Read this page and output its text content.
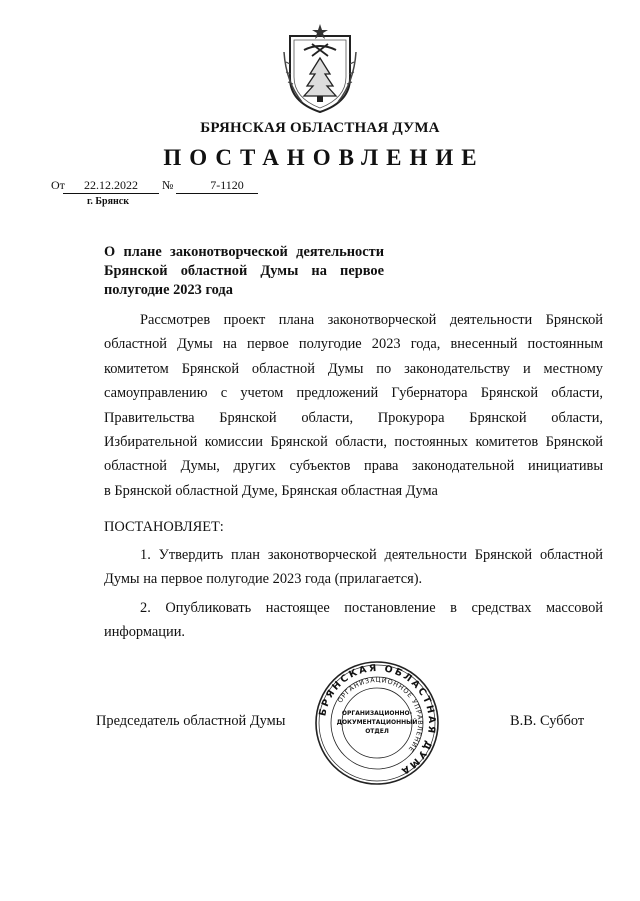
БРЯНСКАЯ ОБЛАСТНАЯ ДУМА
ПОСТАНОВЛЕНИЕ
От	22.12.2022	№
	7-1120
г. Брянск
О плане законотворческой деятельности
Брянской областной Думы на первое
полугодие 2023 года
Рассмотрев проект плана законотворческой деятельности Брянской
областной Думы на первое полугодие 2023 года, внесенный постоянным
комитетом Брянской областной Думы по законодательству и местному
самоуправлению с учетом предложений Губернатора Брянской области,
Правительства Брянской области, Прокурора Брянской области,
Избирательной комиссии Брянской области, постоянных комитетов Брянской
областной Думы, других субъектов права законодательной инициативы
в Брянской областной Думе, Брянская областная Дума
ПОСТАНОВЛЯЕТ:
1. Утвердить план законотворческой деятельности Брянской областной
Думы на первое полугодие 2023 года (прилагается).
2. Опубликовать настоящее постановление в средствах массовой
информации.
Председатель областной Думы	В.В. Суббот
БРЯНСКАЯ ОБЛАСТНАЯ ДУМА
ОРГАНИЗАЦИОННОЕ УПРАВЛЕНИЕ
ОРГАНИЗАЦИОННО-
ДОКУМЕНТАЦИОННЫЙ
ОТДЕЛ
